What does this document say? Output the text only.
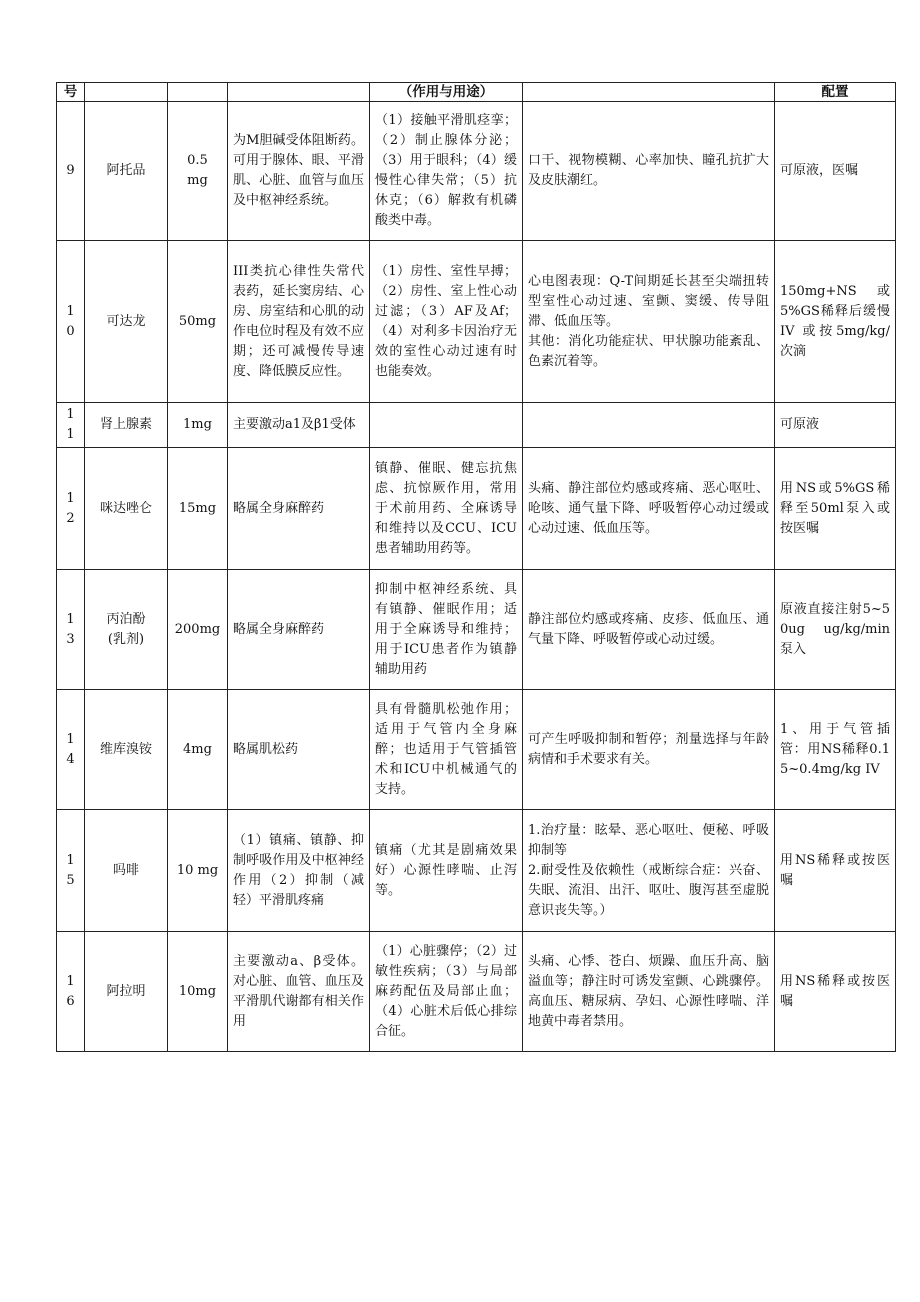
号				（作用与用途）		配置
9	阿托品	0.5
mg	为M胆碱受体阻断药。可用于腺体、眼、平滑肌、心脏、血管与血压及中枢神经系统。	（1）接触平滑肌痉挛；（2）制止腺体分泌；（3）用于眼科；（4）缓慢性心律失常；（5）抗休克；（6）解救有机磷酸类中毒。	口干、视物模糊、心率加快、瞳孔抗扩大及皮肤潮红。	可原液，医嘱
1
0	可达龙	50mg	III类抗心律性失常代表药，延长窦房结、心房、房室结和心肌的动作电位时程及有效不应期；还可减慢传导速度、降低膜反应性。	（1）房性、室性早搏；（2）房性、室上性心动过滤；（3）AF及Af；（4）对利多卡因治疗无效的室性心动过速有时也能奏效。	心电图表现：Q-T间期延长甚至尖端扭转型室性心动过速、室颤、窦缓、传导阻滞、低血压等。
其他：消化功能症状、甲状腺功能紊乱、色素沉着等。	150mg+NS 或 5%GS稀释后缓慢 IV 或按5mg/kg/次滴
1
1	肾上腺素	1mg	主要激动a1及β1受体			可原液
1
2	咪达唑仑	15mg	略属全身麻醉药	镇静、催眠、健忘抗焦虑、抗惊厥作用，常用于术前用药、全麻诱导和维持以及CCU、ICU患者辅助用药等。	头痛、静注部位灼感或疼痛、恶心呕吐、呛咳、通气量下降、呼吸暂停心动过缓或心动过速、低血压等。	用NS或5%GS稀释至50ml泵入或按医嘱
1
3	丙泊酚
(乳剂)	200mg	略属全身麻醉药	抑制中枢神经系统、具有镇静、催眠作用；适用于全麻诱导和维持；用于ICU患者作为镇静辅助用药	静注部位灼感或疼痛、皮疹、低血压、通气量下降、呼吸暂停或心动过缓。	原液直接注射5~50ug ug/kg/min 泵入
1
4	维库溴铵	4mg	略属肌松药	具有骨髓肌松弛作用；适用于气管内全身麻醉；也适用于气管插管术和ICU中机械通气的支持。	可产生呼吸抑制和暂停；剂量选择与年龄病情和手术要求有关。	1、用于气管插管：用NS稀释0.15~0.4mg/kg IV
1
5	吗啡	10 mg	（1）镇痛、镇静、抑制呼吸作用及中枢神经作用（2）抑制（减轻）平滑肌疼痛	镇痛（尤其是剧痛效果好）心源性哮喘、止泻等。	1.治疗量：眩晕、恶心呕吐、便秘、呼吸抑制等
2.耐受性及依赖性（戒断综合症：兴奋、失眠、流泪、出汗、呕吐、腹泻甚至虚脱意识丧失等。）	用NS稀释或按医嘱
1
6	阿拉明	10mg	主要激动a、β受体。对心脏、血管、血压及平滑肌代谢都有相关作用	（1）心脏骤停；（2）过敏性疾病；（3）与局部麻药配伍及局部止血；（4）心脏术后低心排综合征。	头痛、心悸、苍白、烦躁、血压升高、脑溢血等；静注时可诱发室颤、心跳骤停。高血压、糖尿病、孕妇、心源性哮喘、洋地黄中毒者禁用。	用NS稀释或按医嘱
